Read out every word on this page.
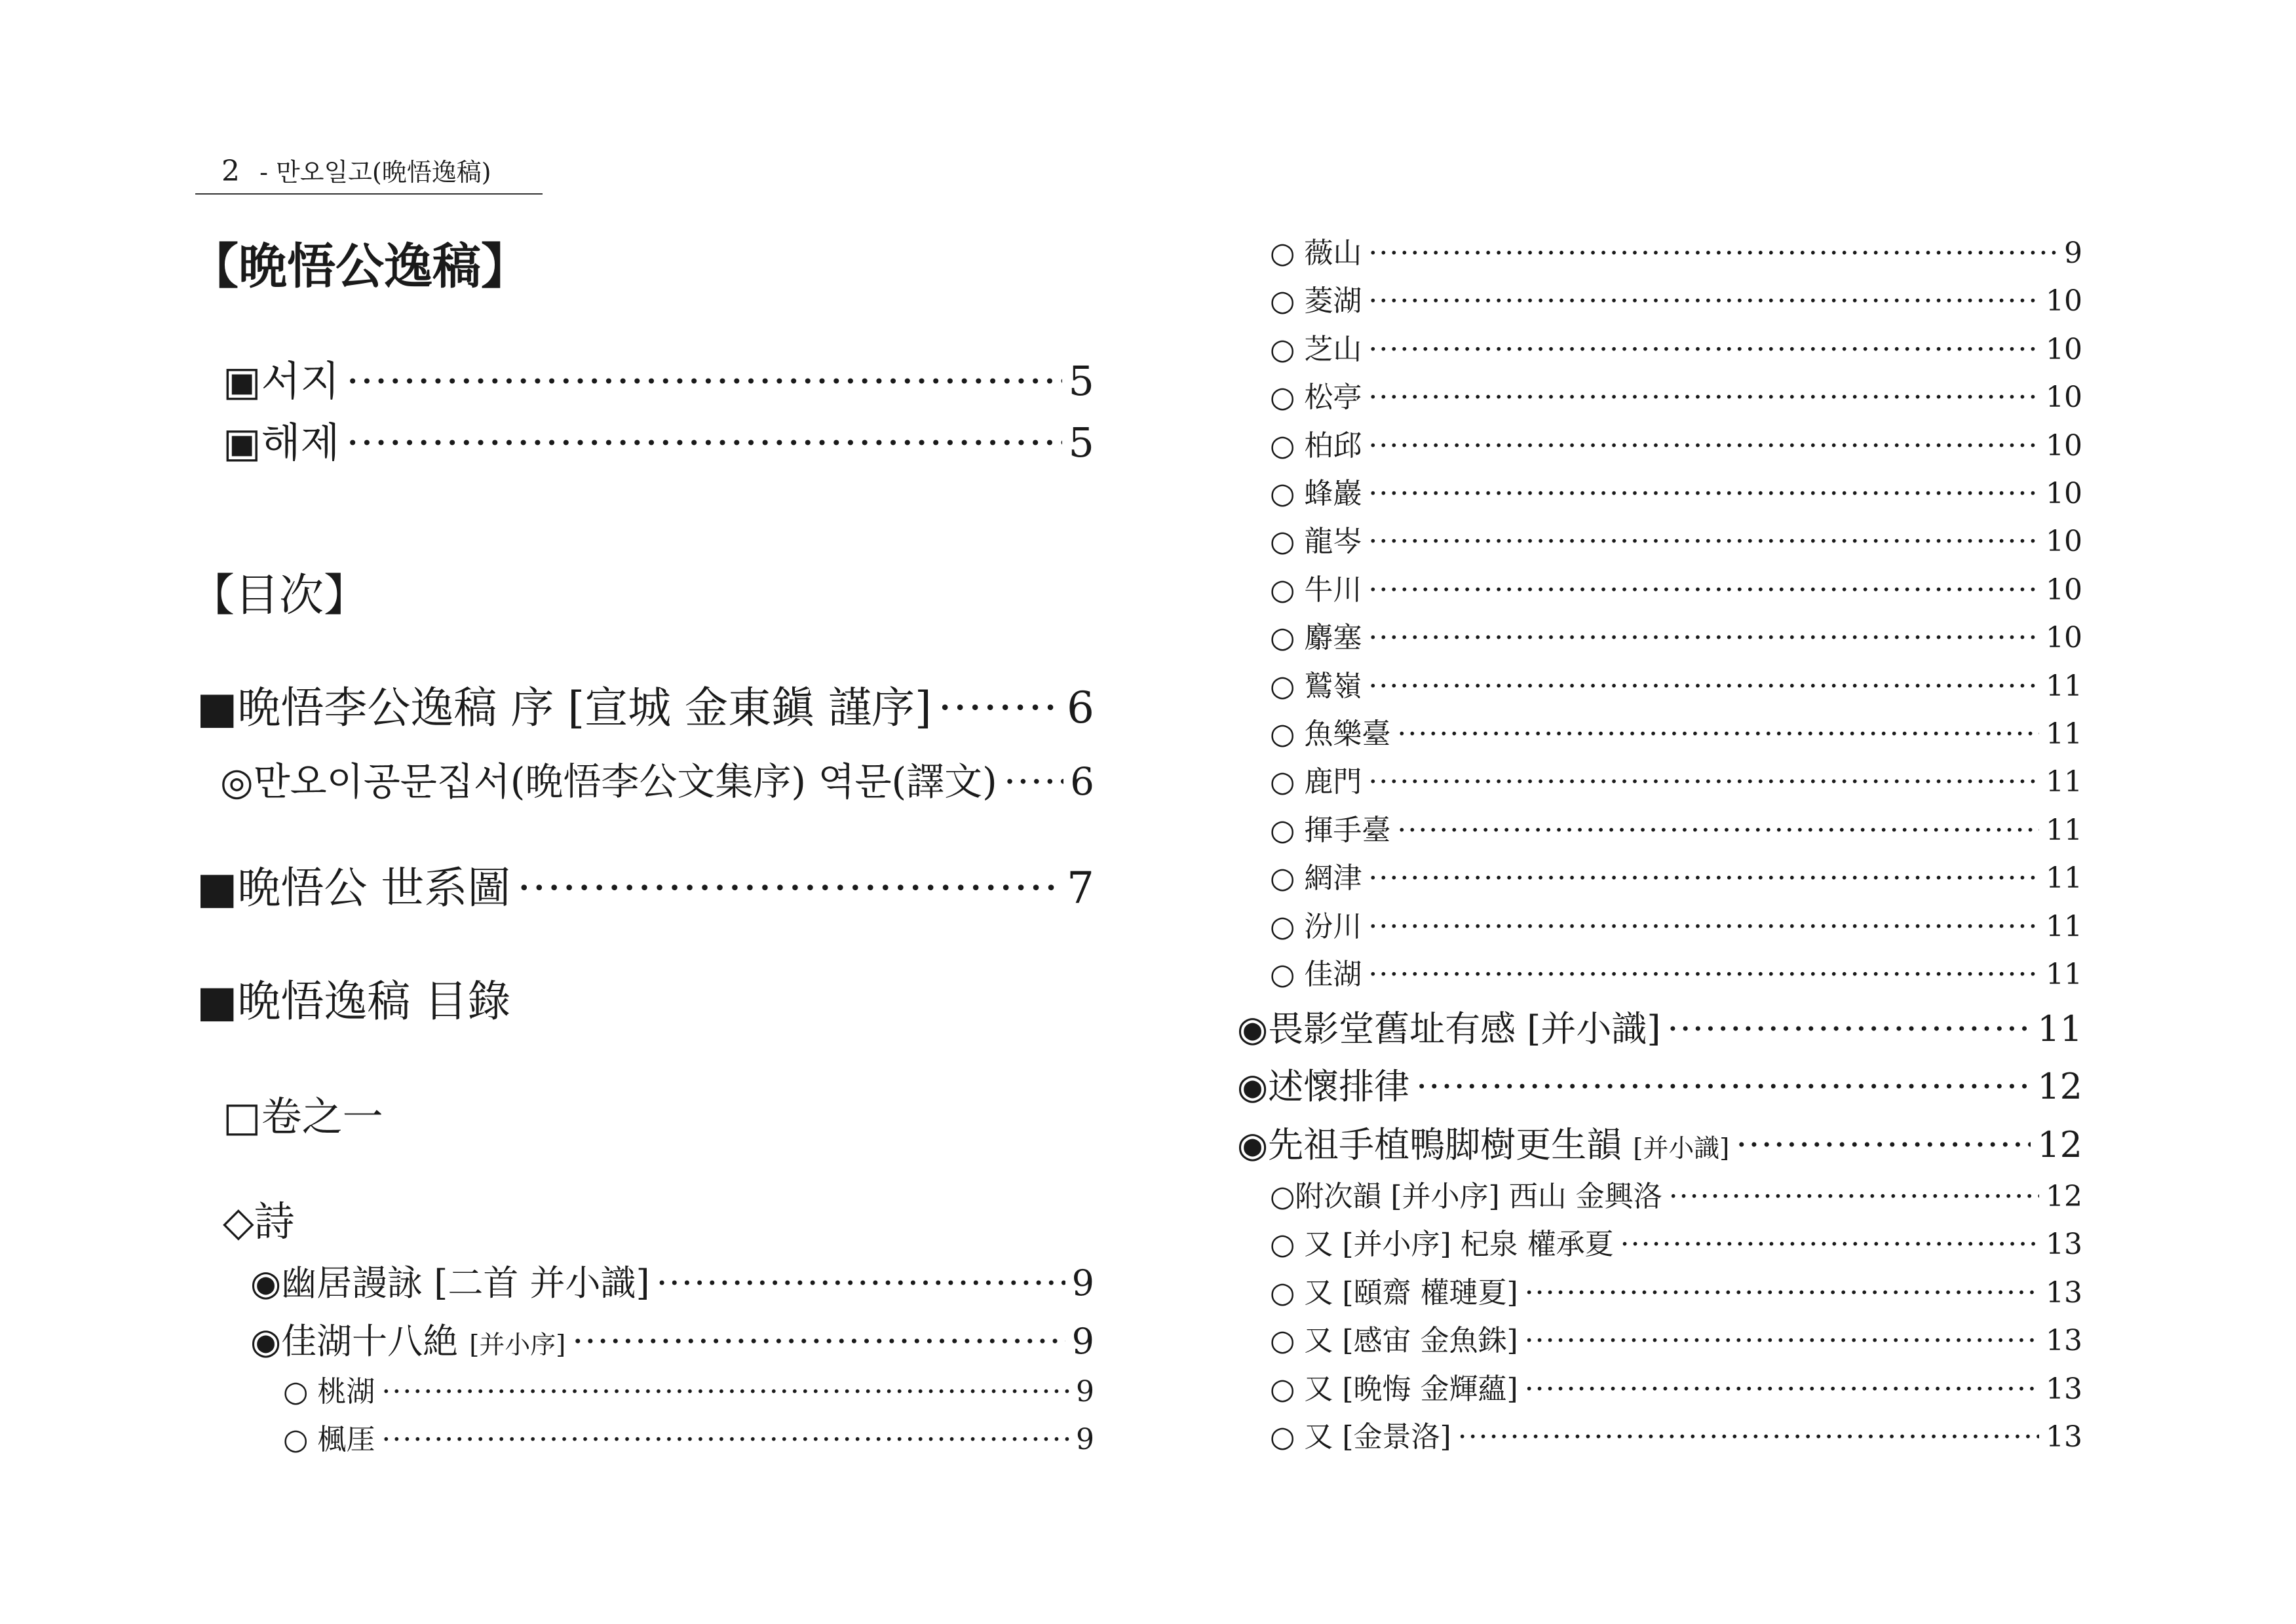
2 - 만오일고(晩悟逸稿)
【晩悟公逸稿】
▣서지 ·····	5
▣해제 ·····	5
【目次】
■晩悟李公逸稿 序 [宣城 金東鎭 謹序] ·····	6
◎만오이공문집서(晩悟李公文集序) 역문(譯文) ····· 6
■晩悟公 世系圖 ·····	7
■晩悟逸稿 目錄
□卷之一
◇詩
◉幽居謾詠 [二首 并小識] ·····	9
◉佳湖十八絶 [并小序] ·····	9
○ 桃湖 ·····	9
○ 楓厓 ·····	9
○ 薇山 ·····	9
○ 菱湖 ·····	10
○ 芝山 ·····	10
○ 松亭 ·····	10
○ 柏邱 ·····	10
○ 蜂巖 ·····	10
○ 龍岑 ·····	10
○ 牛川 ·····	10
○ 麝塞 ·····	10
○ 鷲嶺 ·····	11
○ 魚樂臺 ·····	11
○ 鹿門 ·····	11
○ 揮手臺 ·····	11
○ 網津 ·····	11
○ 汾川 ·····	11
○ 佳湖 ·····	11
◉畏影堂舊址有感 [并小識] ·····	11
◉述懷排律 ·····	12
◉先祖手植鴨脚樹更生韻 [并小識] ·····	12
○附次韻 [并小序] 西山 金興洛 ·····	12
○ 又 [并小序] 杞泉 權承夏 ·····	13
○ 又 [頤齋 權璉夏] ·····	13
○ 又 [感宙 金魚銖] ·····	13
○ 又 [晩悔 金輝蘊] ·····	13
○ 又 [金景洛] ·····	13
